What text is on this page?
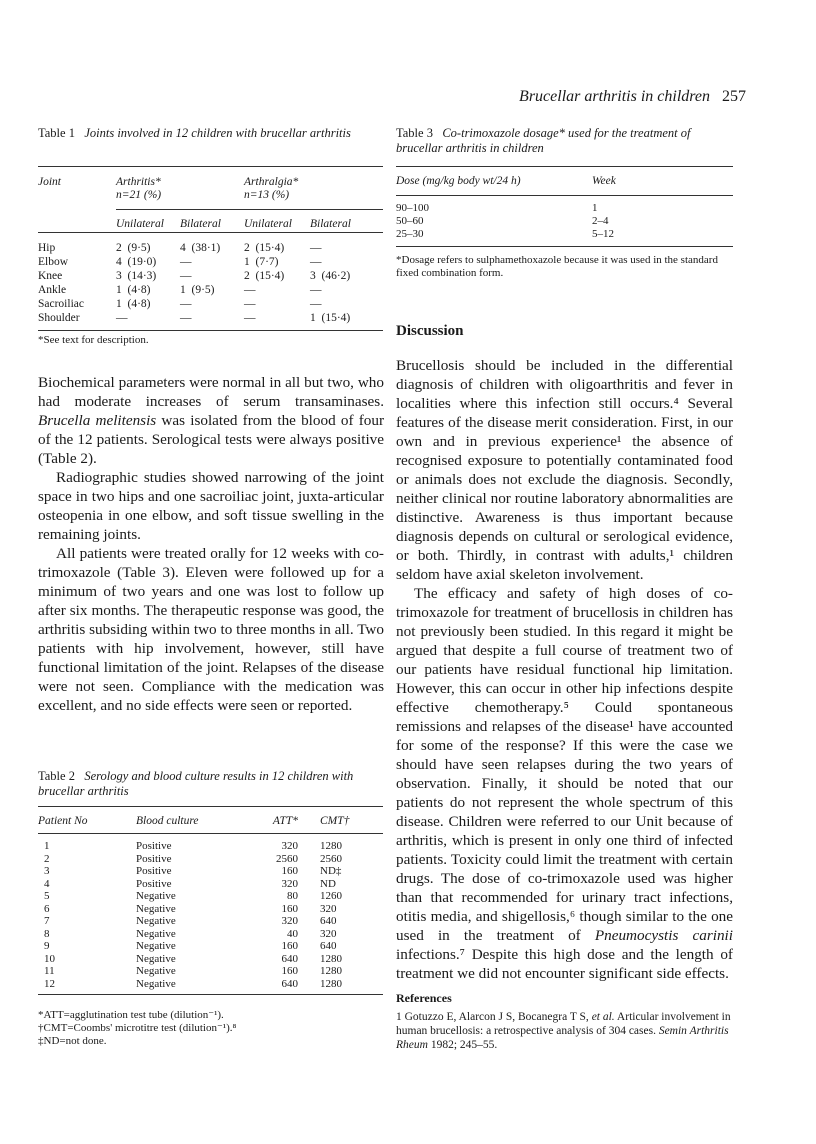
Brucellar arthritis in children 257
Table 1 Joints involved in 12 children with brucellar arthritis
Joint	Arthritis*
n=21 (%)		Arthralgia*
n=13 (%)	

	Unilateral Bilateral Unilateral Bilateral			

Hip	2  (9·5)	4  (38·1)	2  (15·4)	—
Elbow	4  (19·0)	—	1  (7·7)	—
Knee	3  (14·3)	—	2  (15·4)	3  (46·2)
Ankle	1  (4·8)	1  (9·5)	—	—
Sacroiliac	1  (4·8)	—	—	—
Shoulder	—	—	—	1  (15·4)

*See text for description.

Biochemical parameters were normal in all but two, who had moderate increases of serum transaminases. Brucella melitensis was isolated from the blood of four of the 12 patients. Serological tests were always positive (Table 2).

Radiographic studies showed narrowing of the joint space in two hips and one sacroiliac joint, juxta-articular osteopenia in one elbow, and soft tissue swelling in the remaining joints.

All patients were treated orally for 12 weeks with co-trimoxazole (Table 3). Eleven were followed up for a minimum of two years and one was lost to follow up after six months. The therapeutic response was good, the arthritis subsiding within two to three months in all. Two patients with hip involvement, however, still have functional limitation of the joint. Relapses of the disease were not seen. Compliance with the medication was excellent, and no side effects were seen or reported.

Table 2 Serology and blood culture results in 12 children with brucellar arthritis
Patient No	Blood culture	ATT*	CMT†

1	Positive	320	1280
2	Positive	2560	2560
3	Positive	160	ND‡
4	Positive	320	ND
5	Negative	80	1260
6	Negative	160	320
7	Negative	320	640
8	Negative	40	320
9	Negative	160	640
10	Negative	640	1280
11	Negative	160	1280
12	Negative	640	1280

*ATT=agglutination test tube (dilution⁻¹).
†CMT=Coombs' microtitre test (dilution⁻¹).⁸
‡ND=not done.
Table 3 Co-trimoxazole dosage* used for the treatment of brucellar arthritis in children
Dose (mg/kg body wt/24 h)	Week

90–100	1
50–60	2–4
25–30	5–12

*Dosage refers to sulphamethoxazole because it was used in the standard fixed combination form.
Discussion

Brucellosis should be included in the differential diagnosis of children with oligoarthritis and fever in localities where this infection still occurs.⁴ Several features of the disease merit consideration. First, in our own and in previous experience¹ the absence of recognised exposure to potentially contaminated food or animals does not exclude the diagnosis. Secondly, neither clinical nor routine laboratory abnormalities are distinctive. Awareness is thus important because diagnosis depends on cultural or serological evidence, or both. Thirdly, in contrast with adults,¹ children seldom have axial skeleton involvement.

The efficacy and safety of high doses of co-trimoxazole for treatment of brucellosis in children has not previously been studied. In this regard it might be argued that despite a full course of treatment two of our patients have residual functional hip limitation. However, this can occur in other hip infections despite effective chemotherapy.⁵ Could spontaneous remissions and relapses of the disease¹ have accounted for some of the response? If this were the case we should have seen relapses during the two years of observation. Finally, it should be noted that our patients do not represent the whole spectrum of this disease. Children were referred to our Unit because of arthritis, which is present in only one third of infected patients. Toxicity could limit the treatment with certain drugs. The dose of co-trimoxazole used was higher than that recommended for urinary tract infections, otitis media, and shigellosis,⁶ though similar to the one used in the treatment of Pneumocystis carinii infections.⁷ Despite this high dose and the length of treatment we did not encounter significant side effects.

References
1 Gotuzzo E, Alarcon J S, Bocanegra T S, et al. Articular involvement in human brucellosis: a retrospective analysis of 304 cases. Semin Arthritis Rheum 1982; 245–55.
